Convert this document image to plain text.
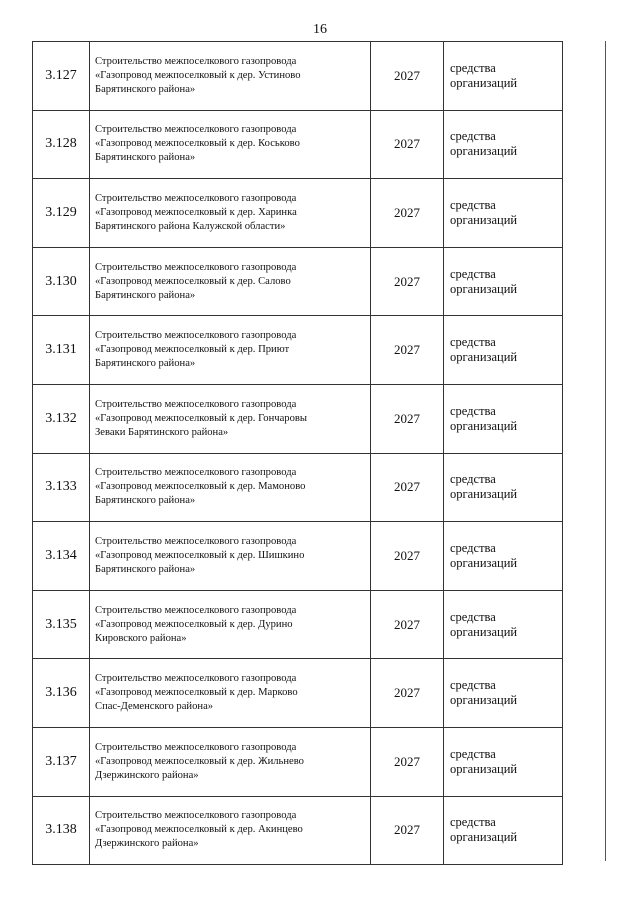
16
3.127	Строительство межпоселкового газопровода
«Газопровод межпоселковый к дер. Устиново
Барятинского района»	2027	средства
организаций

3.128	Строительство межпоселкового газопровода
«Газопровод межпоселковый к дер. Коськово
Барятинского района»	2027	средства
организаций

3.129	Строительство межпоселкового газопровода
«Газопровод межпоселковый к дер. Харинка
Барятинского района Калужской области»	2027	средства
организаций

3.130	Строительство межпоселкового газопровода
«Газопровод межпоселковый к дер. Салово
Барятинского района»	2027	средства
организаций

3.131	Строительство межпоселкового газопровода
«Газопровод межпоселковый к дер. Приют
Барятинского района»	2027	средства
организаций

3.132	Строительство межпоселкового газопровода
«Газопровод межпоселковый к дер. Гончаровы
Зеваки Барятинского района»	2027	средства
организаций

3.133	Строительство межпоселкового газопровода
«Газопровод межпоселковый к дер. Мамоново
Барятинского района»	2027	средства
организаций

3.134	Строительство межпоселкового газопровода
«Газопровод межпоселковый к дер. Шишкино
Барятинского района»	2027	средства
организаций

3.135	Строительство межпоселкового газопровода
«Газопровод межпоселковый к дер. Дурино
Кировского района»	2027	средства
организаций

3.136	Строительство межпоселкового газопровода
«Газопровод межпоселковый к дер. Марково
Спас-Деменского района»	2027	средства
организаций

3.137	Строительство межпоселкового газопровода
«Газопровод межпоселковый к дер. Жильнево
Дзержинского района»	2027	средства
организаций

3.138	Строительство межпоселкового газопровода
«Газопровод межпоселковый к дер. Акинцево
Дзержинского района»	2027	средства
организаций
